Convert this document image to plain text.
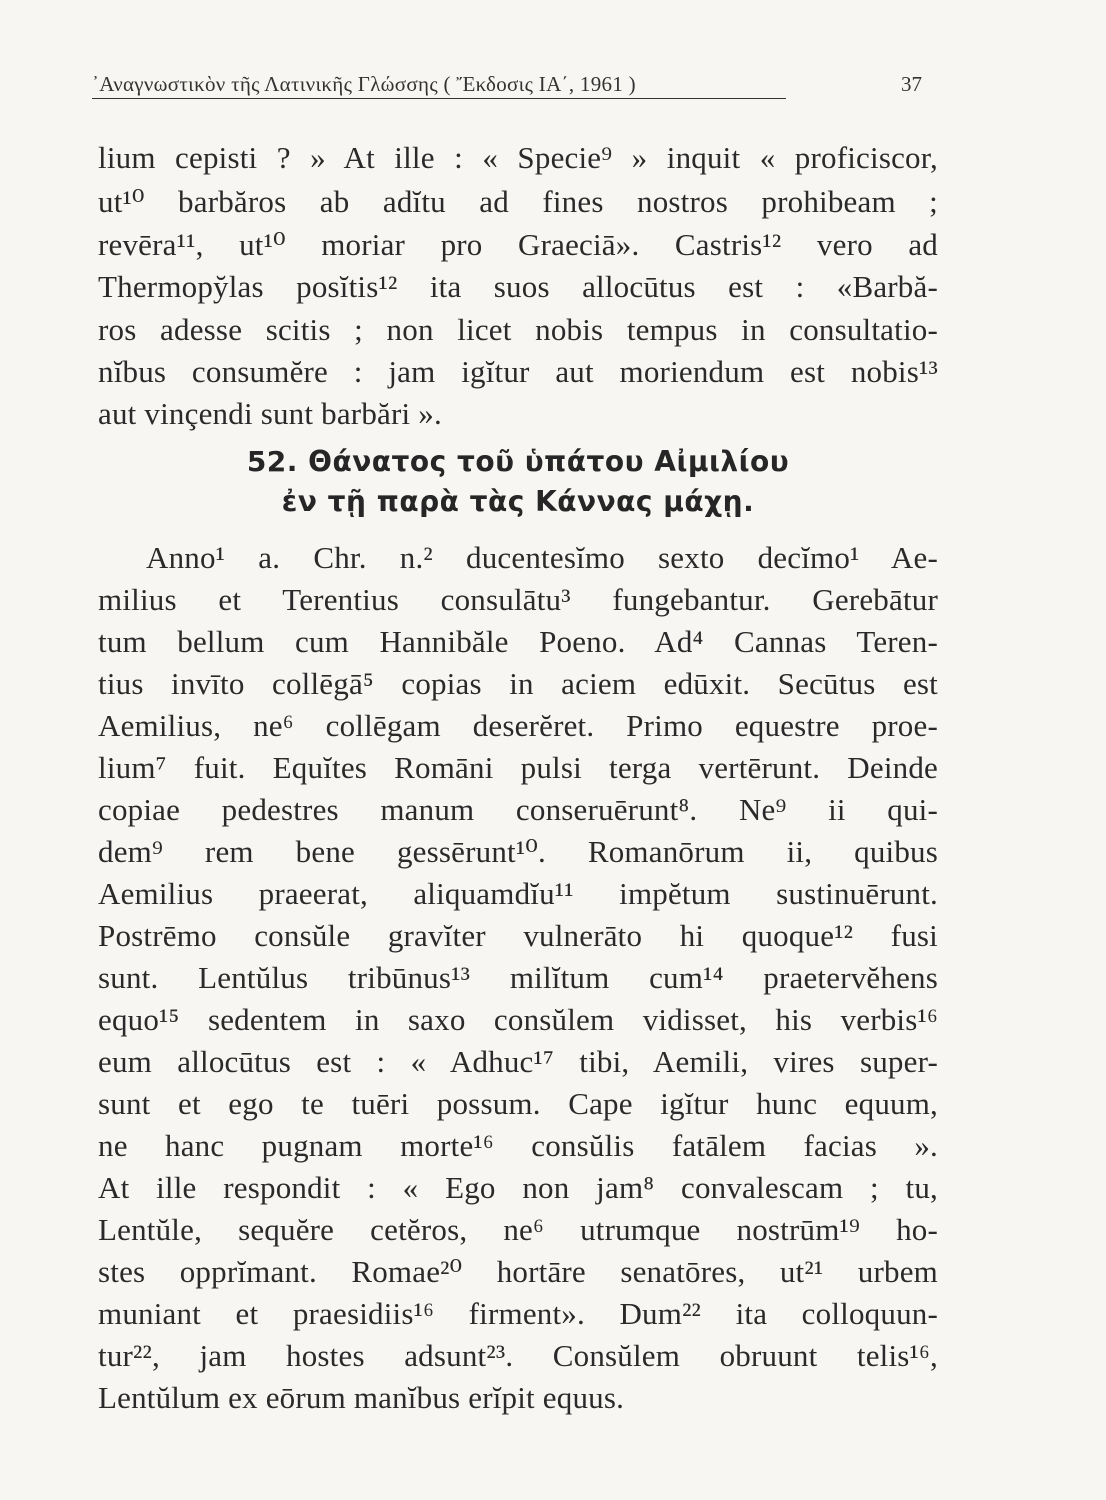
᾽Αναγνωστικὸν τῆς Λατινικῆς Γλώσσης ( Ἔκδοσις ΙΑ΄, 1961 )	37
lium cepisti ? » At ille : « Specie⁹ » inquit « proficiscor,
ut¹⁰ barbăros ab adĭtu ad fines nostros prohibeam ;
revēra¹¹, ut¹⁰ moriar pro Graeciā». Castris¹² vero ad
Thermopy̆las posĭtis¹² ita suos allocūtus est : «Barbă-
ros adesse scitis ; non licet nobis tempus in consultatio-
nĭbus consumĕre : jam igĭtur aut moriendum est nobis¹³
aut vinçendi sunt barbări ».
52. Θάνατος τοῦ ὑπάτου Αἰμιλίου
ἐν τῇ παρὰ τὰς Κάννας μάχῃ.
Anno¹ a. Chr. n.² ducentesĭmo sexto decĭmo¹ Ae-
milius et Terentius consulātu³ fungebantur. Gerebātur
tum bellum cum Hannibăle Poeno. Ad⁴ Cannas Teren-
tius invīto collēgā⁵ copias in aciem edūxit. Secūtus est
Aemilius, ne⁶ collēgam deserĕret. Primo equestre proe-
lium⁷ fuit. Equĭtes Romāni pulsi terga vertērunt. Deinde
copiae pedestres manum conseruērunt⁸. Ne⁹ ii qui-
dem⁹ rem bene gessērunt¹⁰. Romanōrum ii, quibus
Aemilius praeerat, aliquamdĭu¹¹ impĕtum sustinuērunt.
Postrēmo consŭle gravĭter vulnerāto hi quoque¹² fusi
sunt. Lentŭlus tribūnus¹³ milĭtum cum¹⁴ praetervĕhens
equo¹⁵ sedentem in saxo consŭlem vidisset, his verbis¹⁶
eum allocūtus est : « Adhuc¹⁷ tibi, Aemili, vires super-
sunt et ego te tuēri possum. Cape igĭtur hunc equum,
ne hanc pugnam morte¹⁶ consŭlis fatālem facias ».
At ille respondit : « Ego non jam⁸ convalescam ; tu,
Lentŭle, sequĕre cetĕros, ne⁶ utrumque nostrūm¹⁹ ho-
stes opprĭmant. Romae²⁰ hortāre senatōres, ut²¹ urbem
muniant et praesidiis¹⁶ firment». Dum²² ita colloquun-
tur²², jam hostes adsunt²³. Consŭlem obruunt telis¹⁶,
Lentŭlum ex eōrum manĭbus erĭpit equus.
